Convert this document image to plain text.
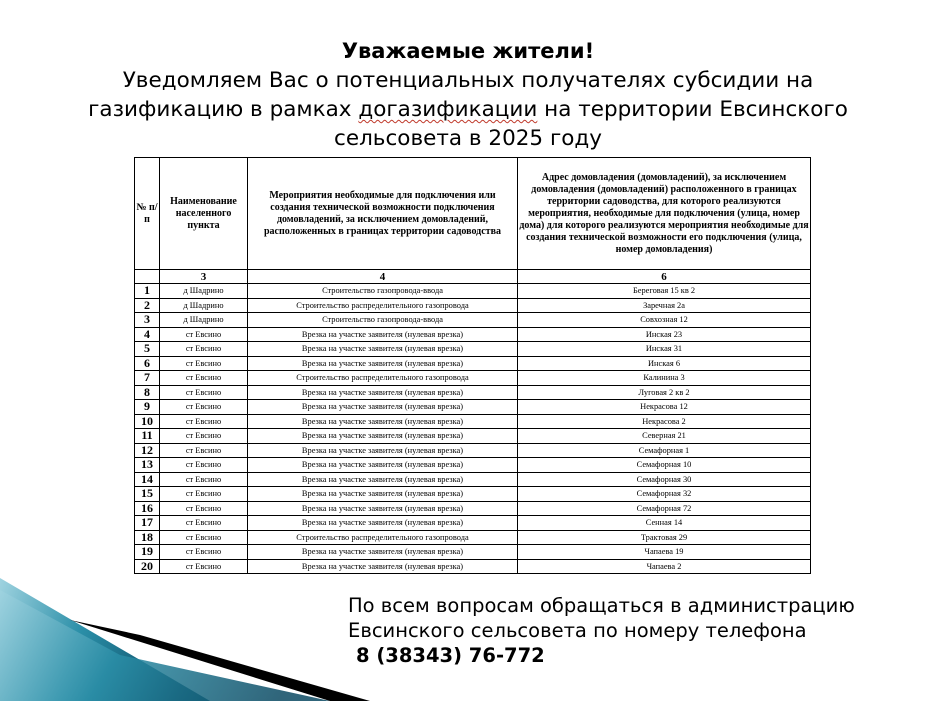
Уважаемые жители!
Уведомляем Вас о потенциальных получателях субсидии на газификацию в рамках догазификации на территории Евсинского сельсовета в 2025 году
№ п/п	Наименование населенного пункта	Мероприятия необходимые для подключения или создания технической возможности подключения домовладений, за исключением домовладений, расположенных в границах территории садоводства	Адрес домовладения (домовладений), за исключением домовладения (домовладений) расположенного в границах территории садоводства, для которого реализуются мероприятия, необходимые для подключения (улица, номер дома) для которого реализуются мероприятия необходимые для создания технической возможности его подключения (улица, номер домовладения)
	3	4	6
1	д Шадрино	Строительство газопровода-ввода	Береговая 15 кв 2
2	д Шадрино	Строительство распределительного газопровода	Заречная 2а
3	д Шадрино	Строительство газопровода-ввода	Совхозная 12
4	ст Евсино	Врезка на участке заявителя (нулевая врезка)	Инская 23
5	ст Евсино	Врезка на участке заявителя (нулевая врезка)	Инская 31
6	ст Евсино	Врезка на участке заявителя (нулевая врезка)	Инская 6
7	ст Евсино	Строительство распределительного газопровода	Калинина 3
8	ст Евсино	Врезка на участке заявителя (нулевая врезка)	Луговая 2 кв 2
9	ст Евсино	Врезка на участке заявителя (нулевая врезка)	Некрасова 12
10	ст Евсино	Врезка на участке заявителя (нулевая врезка)	Некрасова 2
11	ст Евсино	Врезка на участке заявителя (нулевая врезка)	Северная 21
12	ст Евсино	Врезка на участке заявителя (нулевая врезка)	Семафорная 1
13	ст Евсино	Врезка на участке заявителя (нулевая врезка)	Семафорная 10
14	ст Евсино	Врезка на участке заявителя (нулевая врезка)	Семафорная 30
15	ст Евсино	Врезка на участке заявителя (нулевая врезка)	Семафорная 32
16	ст Евсино	Врезка на участке заявителя (нулевая врезка)	Семафорная 72
17	ст Евсино	Врезка на участке заявителя (нулевая врезка)	Сенная 14
18	ст Евсино	Строительство распределительного газопровода	Трактовая 29
19	ст Евсино	Врезка на участке заявителя (нулевая врезка)	Чапаева 19
20	ст Евсино	Врезка на участке заявителя (нулевая врезка)	Чапаева 2
По всем вопросам обращаться в администрацию
Евсинского сельсовета по номеру телефона
8 (38343) 76-772
